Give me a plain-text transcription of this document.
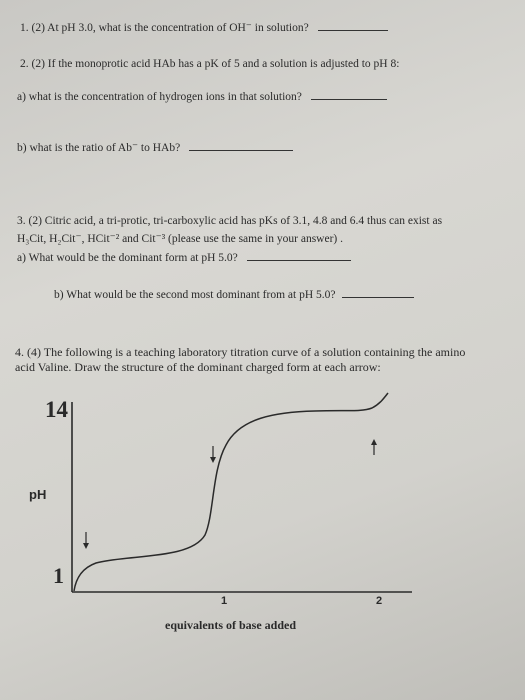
1. (2) At pH 3.0, what is the concentration of OH⁻ in solution?
2. (2) If the monoprotic acid HAb has a pK of 5 and a solution is adjusted to pH 8:
a) what is the concentration of hydrogen ions in that solution?
b) what is the ratio of Ab⁻ to HAb?
3. (2) Citric acid, a tri-protic, tri-carboxylic acid has pKs of 3.1, 4.8 and 6.4 thus can exist as
H₃Cit, H₂Cit⁻, HCit⁻² and Cit⁻³ (please use the same in your answer) .
a) What would be the dominant form at pH 5.0?
b) What would be the second most dominant from at pH 5.0?
4. (4) The following is a teaching laboratory titration curve of a solution containing the amino
acid Valine. Draw the structure of the dominant charged form at each arrow:
14
1
pH
1	2
equivalents of base added
